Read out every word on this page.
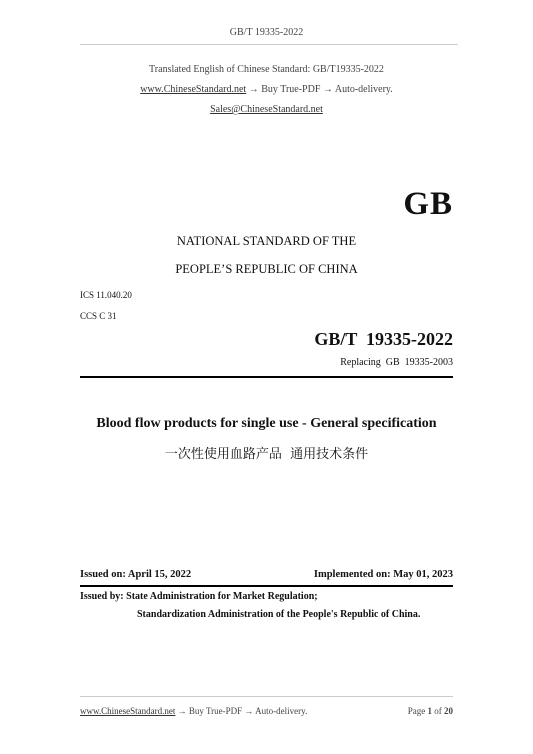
GB/T 19335-2022
Translated English of Chinese Standard: GB/T19335-2022
www.ChineseStandard.net → Buy True-PDF → Auto-delivery.
Sales@ChineseStandard.net
GB
NATIONAL STANDARD OF THE
PEOPLE’S REPUBLIC OF CHINA
ICS 11.040.20
CCS C 31
GB/T  19335-2022
Replacing  GB  19335-2003
Blood flow products for single use - General specification
一次性使用血路产品  通用技术条件
Issued on: April 15, 2022	Implemented on: May 01, 2023
Issued by: State Administration for Market Regulation;
Standardization Administration of the People's Republic of China.
www.ChineseStandard.net → Buy True-PDF → Auto-delivery.	Page 1 of 20
